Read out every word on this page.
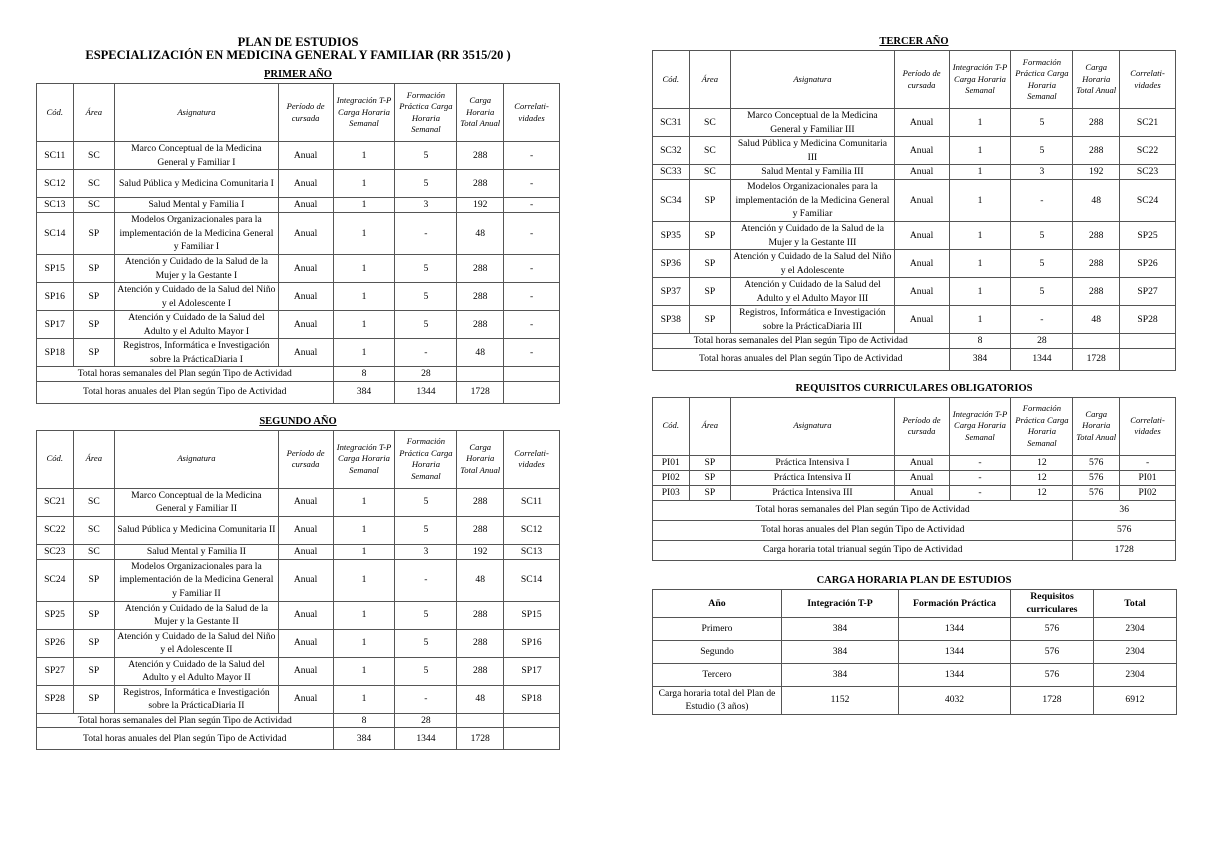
PLAN DE ESTUDIOS
ESPECIALIZACIÓN EN MEDICINA GENERAL Y FAMILIAR (RR 3515/20 )
PRIMER AÑO
Cód.	Área	Asignatura	Período de cursada	Integración T-P Carga Horaria Semanal	Formación Práctica Carga Horaria Semanal	Carga Horaria Total Anual	Correlati-vidades
SC11	SC	Marco Conceptual de la Medicina General y Familiar I	Anual	1	5	288	-
SC12	SC	Salud Pública y Medicina Comunitaria I	Anual	1	5	288	-
SC13	SC	Salud Mental y Familia I	Anual	1	3	192	-
SC14	SP	Modelos Organizacionales para la implementación de la Medicina General y Familiar I	Anual	1	-	48	-
SP15	SP	Atención y Cuidado de la Salud de la Mujer y la Gestante I	Anual	1	5	288	-
SP16	SP	Atención y Cuidado de la Salud del Niño y el Adolescente I	Anual	1	5	288	-
SP17	SP	Atención y Cuidado de la Salud del Adulto y el Adulto Mayor I	Anual	1	5	288	-
SP18	SP	Registros, Informática e Investigación sobre la PrácticaDiaria I	Anual	1	-	48	-
Total horas semanales del Plan según Tipo de Actividad				8	28		
Total horas anuales del Plan según Tipo de Actividad				384	1344	1728	
SEGUNDO AÑO
Cód.	Área	Asignatura	Período de cursada	Integración T-P Carga Horaria Semanal	Formación Práctica Carga Horaria Semanal	Carga Horaria Total Anual	Correlati-vidades
SC21	SC	Marco Conceptual de la Medicina General y Familiar II	Anual	1	5	288	SC11
SC22	SC	Salud Pública y Medicina Comunitaria II	Anual	1	5	288	SC12
SC23	SC	Salud Mental y Familia II	Anual	1	3	192	SC13
SC24	SP	Modelos Organizacionales para la implementación de la Medicina General y Familiar II	Anual	1	-	48	SC14
SP25	SP	Atención y Cuidado de la Salud de la Mujer y la Gestante II	Anual	1	5	288	SP15
SP26	SP	Atención y Cuidado de la Salud del Niño y el Adolescente II	Anual	1	5	288	SP16
SP27	SP	Atención y Cuidado de la Salud del Adulto y el Adulto Mayor II	Anual	1	5	288	SP17
SP28	SP	Registros, Informática e Investigación sobre la PrácticaDiaria II	Anual	1	-	48	SP18
Total horas semanales del Plan según Tipo de Actividad				8	28		
Total horas anuales del Plan según Tipo de Actividad				384	1344	1728	
TERCER AÑO
Cód.	Área	Asignatura	Período de cursada	Integración T-P Carga Horaria Semanal	Formación Práctica Carga Horaria Semanal	Carga Horaria Total Anual	Correlati-vidades
SC31	SC	Marco Conceptual de la Medicina General y Familiar III	Anual	1	5	288	SC21
SC32	SC	Salud Pública y Medicina Comunitaria III	Anual	1	5	288	SC22
SC33	SC	Salud Mental y Familia III	Anual	1	3	192	SC23
SC34	SP	Modelos Organizacionales para la implementación de la Medicina General y Familiar	Anual	1	-	48	SC24
SP35	SP	Atención y Cuidado de la Salud de la Mujer y la Gestante III	Anual	1	5	288	SP25
SP36	SP	Atención y Cuidado de la Salud del Niño y el Adolescente	Anual	1	5	288	SP26
SP37	SP	Atención y Cuidado de la Salud del Adulto y el Adulto Mayor III	Anual	1	5	288	SP27
SP38	SP	Registros, Informática e Investigación sobre la PrácticaDiaria III	Anual	1	-	48	SP28
Total horas semanales del Plan según Tipo de Actividad				8	28		
Total horas anuales del Plan según Tipo de Actividad				384	1344	1728	
REQUISITOS CURRICULARES OBLIGATORIOS
Cód.	Área	Asignatura	Período de cursada	Integración T-P Carga Horaria Semanal	Formación Práctica Carga Horaria Semanal	Carga Horaria Total Anual	Correlati-vidades
PI01	SP	Práctica Intensiva I	Anual	-	12	576	-
PI02	SP	Práctica Intensiva II	Anual	-	12	576	PI01
PI03	SP	Práctica Intensiva III	Anual	-	12	576	PI02
Total horas semanales del Plan según Tipo de Actividad						36	
Total horas anuales del Plan según Tipo de Actividad						576	
Carga horaria total trianual según Tipo de Actividad						1728	
CARGA HORARIA PLAN DE ESTUDIOS
Año	Integración T-P	Formación Práctica	Requisitos curriculares	Total
Primero	384	1344	576	2304
Segundo	384	1344	576	2304
Tercero	384	1344	576	2304
Carga horaria total del Plan de Estudio (3 años)	1152	4032	1728	6912
